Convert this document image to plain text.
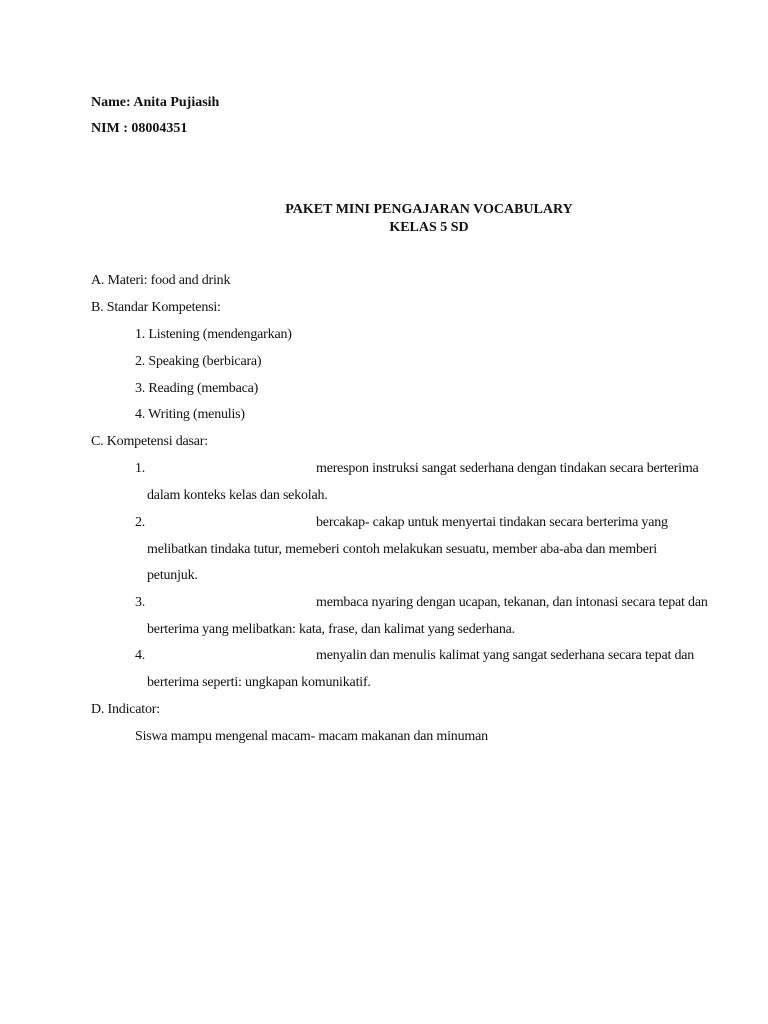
Name: Anita Pujiasih
NIM : 08004351
PAKET MINI PENGAJARAN VOCABULARY
KELAS 5 SD
A. Materi: food and drink
B. Standar Kompetensi:
1. Listening (mendengarkan)
2. Speaking (berbicara)
3. Reading (membaca)
4. Writing (menulis)
C. Kompetensi dasar:
1.	merespon instruksi sangat sederhana dengan tindakan secara berterima
dalam konteks kelas dan sekolah.
2.	bercakap- cakap untuk menyertai tindakan secara berterima yang
melibatkan tindaka tutur, memeberi contoh melakukan sesuatu, member aba-aba dan memberi
petunjuk.
3.	membaca nyaring dengan ucapan, tekanan, dan intonasi secara tepat dan
berterima yang melibatkan: kata, frase, dan kalimat yang sederhana.
4.	menyalin dan menulis kalimat yang sangat sederhana secara tepat dan
berterima seperti: ungkapan komunikatif.
D. Indicator:
Siswa mampu mengenal macam- macam makanan dan minuman
